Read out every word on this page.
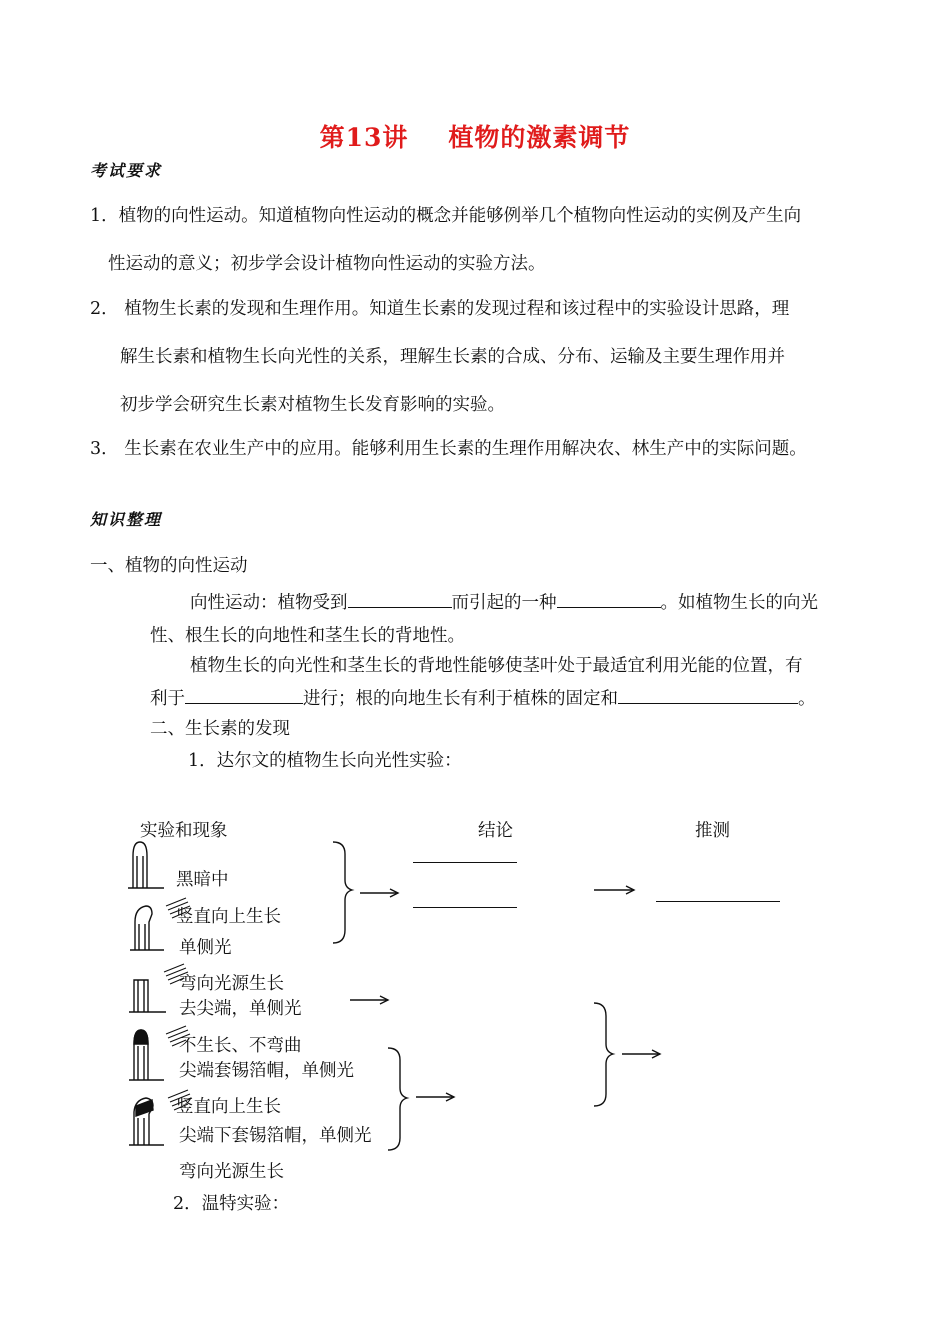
第13讲 植物的激素调节
考试要求
1．植物的向性运动。知道植物向性运动的概念并能够例举几个植物向性运动的实例及产生向
性运动的意义；初步学会设计植物向性运动的实验方法。
2． 植物生长素的发现和生理作用。知道生长素的发现过程和该过程中的实验设计思路，理
解生长素和植物生长向光性的关系，理解生长素的合成、分布、运输及主要生理作用并
初步学会研究生长素对植物生长发育影响的实验。
3． 生长素在农业生产中的应用。能够利用生长素的生理作用解决农、林生产中的实际问题。
知识整理
一、植物的向性运动
向性运动：植物受到	而引起的一种	。如植物生长的向光
性、根生长的向地性和茎生长的背地性。
植物生长的向光性和茎生长的背地性能够使茎叶处于最适宜利用光能的位置，有
利于	进行；根的向地生长有利于植株的固定和	。
二、生长素的发现
1．达尔文的植物生长向光性实验：
实验和现象	结论	推测
黑暗中
竖直向上生长
单侧光
弯向光源生长
去尖端，单侧光
不生长、不弯曲
尖端套锡箔帽，单侧光
竖直向上生长
尖端下套锡箔帽，单侧光
弯向光源生长
2．温特实验：
